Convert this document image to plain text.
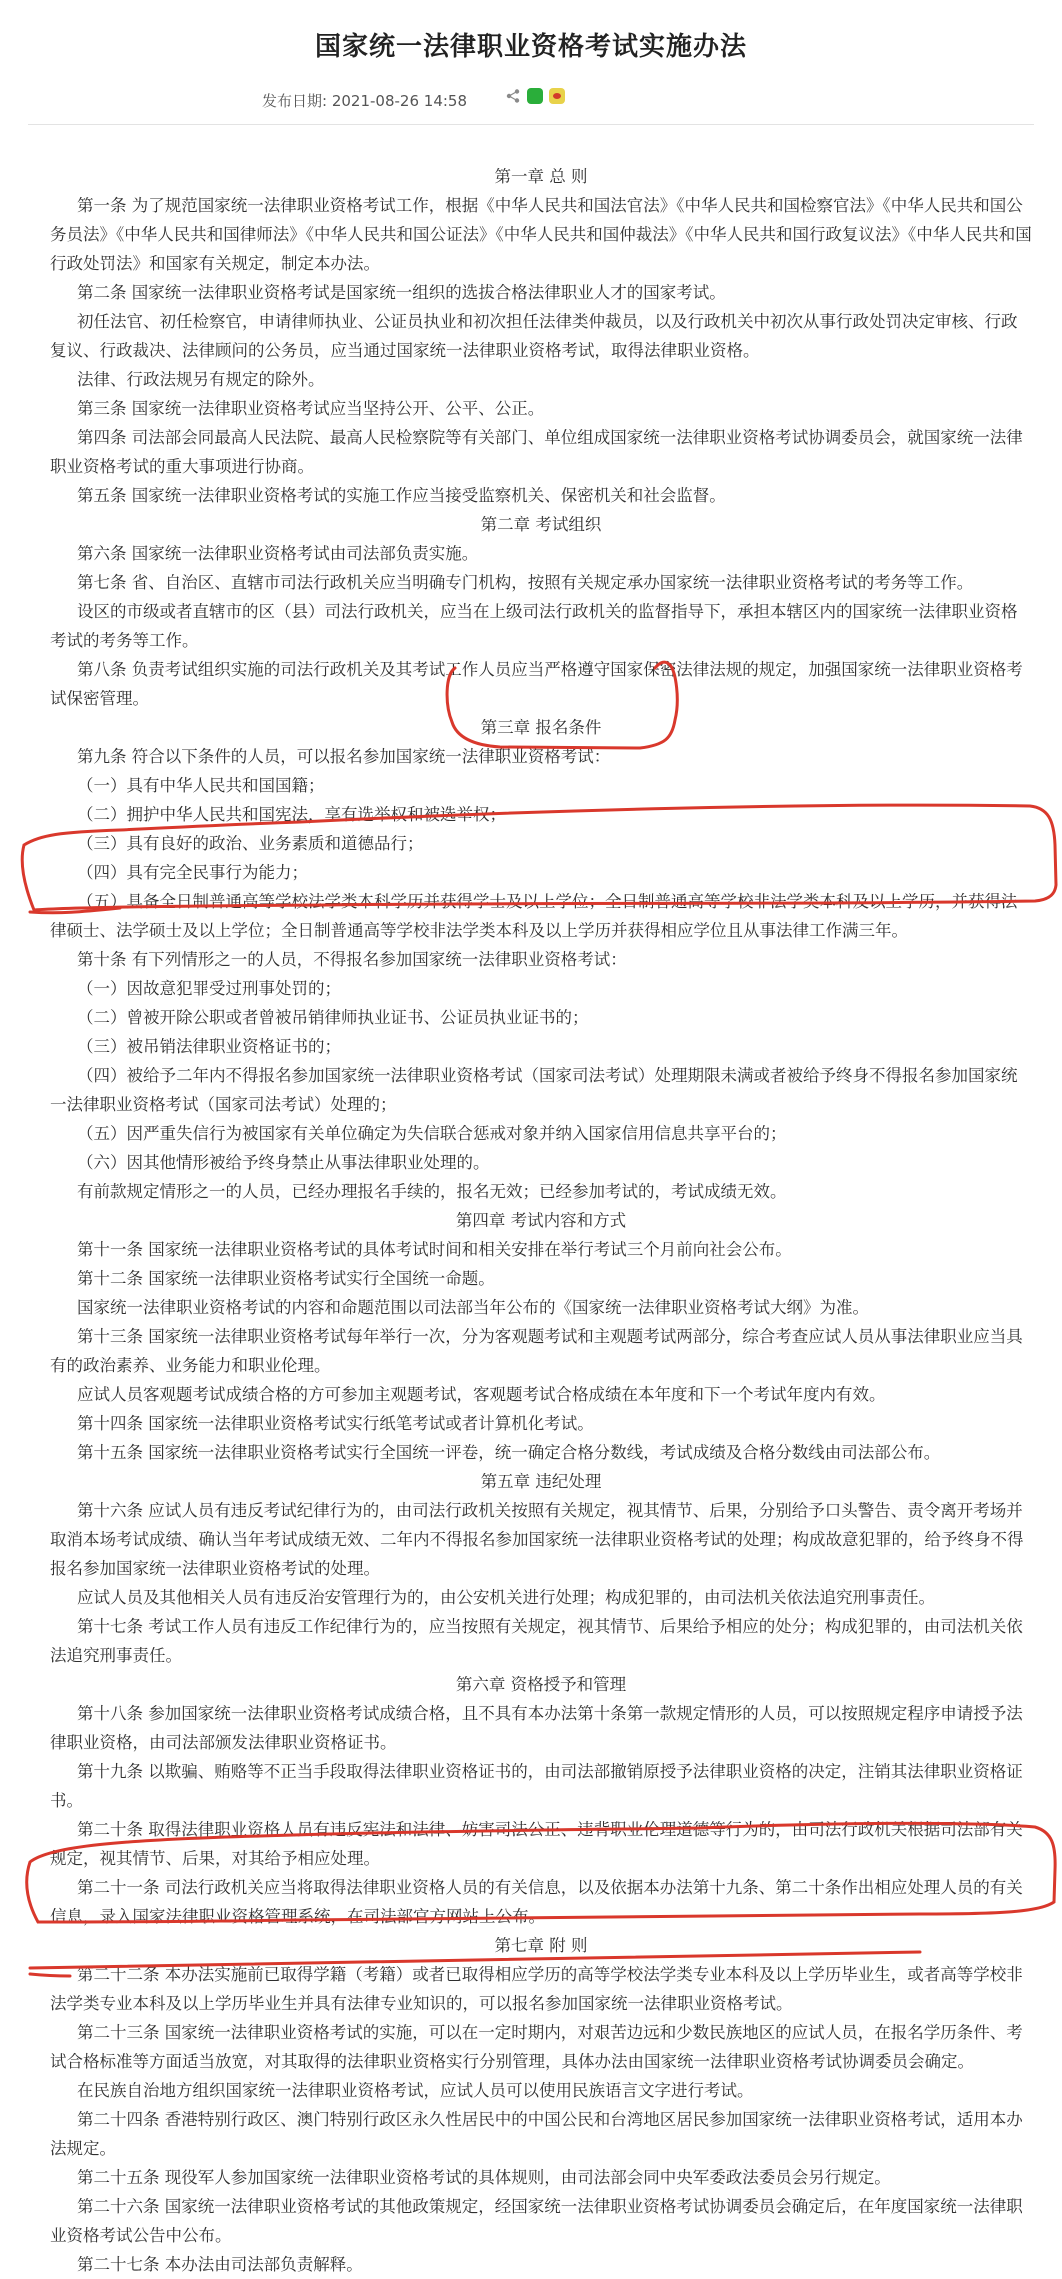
国家统一法律职业资格考试实施办法
发布日期: 2021-08-26 14:58

第一章 总 则

第一条 为了规范国家统一法律职业资格考试工作，根据《中华人民共和国法官法》《中华人民共和国检察官法》《中华人民共和国公务员法》《中华人民共和国律师法》《中华人民共和国公证法》《中华人民共和国仲裁法》《中华人民共和国行政复议法》《中华人民共和国行政处罚法》和国家有关规定，制定本办法。

第二条 国家统一法律职业资格考试是国家统一组织的选拔合格法律职业人才的国家考试。

初任法官、初任检察官，申请律师执业、公证员执业和初次担任法律类仲裁员，以及行政机关中初次从事行政处罚决定审核、行政复议、行政裁决、法律顾问的公务员，应当通过国家统一法律职业资格考试，取得法律职业资格。

法律、行政法规另有规定的除外。

第三条 国家统一法律职业资格考试应当坚持公开、公平、公正。

第四条 司法部会同最高人民法院、最高人民检察院等有关部门、单位组成国家统一法律职业资格考试协调委员会，就国家统一法律职业资格考试的重大事项进行协商。

第五条 国家统一法律职业资格考试的实施工作应当接受监察机关、保密机关和社会监督。

第二章 考试组织

第六条 国家统一法律职业资格考试由司法部负责实施。

第七条 省、自治区、直辖市司法行政机关应当明确专门机构，按照有关规定承办国家统一法律职业资格考试的考务等工作。

设区的市级或者直辖市的区（县）司法行政机关，应当在上级司法行政机关的监督指导下，承担本辖区内的国家统一法律职业资格考试的考务等工作。

第八条 负责考试组织实施的司法行政机关及其考试工作人员应当严格遵守国家保密法律法规的规定，加强国家统一法律职业资格考试保密管理。

第三章 报名条件

第九条 符合以下条件的人员，可以报名参加国家统一法律职业资格考试：

（一）具有中华人民共和国国籍；

（二）拥护中华人民共和国宪法，享有选举权和被选举权；

（三）具有良好的政治、业务素质和道德品行；

（四）具有完全民事行为能力；

（五）具备全日制普通高等学校法学类本科学历并获得学士及以上学位；全日制普通高等学校非法学类本科及以上学历，并获得法律硕士、法学硕士及以上学位；全日制普通高等学校非法学类本科及以上学历并获得相应学位且从事法律工作满三年。

第十条 有下列情形之一的人员，不得报名参加国家统一法律职业资格考试：

（一）因故意犯罪受过刑事处罚的；

（二）曾被开除公职或者曾被吊销律师执业证书、公证员执业证书的；

（三）被吊销法律职业资格证书的；

（四）被给予二年内不得报名参加国家统一法律职业资格考试（国家司法考试）处理期限未满或者被给予终身不得报名参加国家统一法律职业资格考试（国家司法考试）处理的；

（五）因严重失信行为被国家有关单位确定为失信联合惩戒对象并纳入国家信用信息共享平台的；

（六）因其他情形被给予终身禁止从事法律职业处理的。

有前款规定情形之一的人员，已经办理报名手续的，报名无效；已经参加考试的，考试成绩无效。

第四章 考试内容和方式

第十一条 国家统一法律职业资格考试的具体考试时间和相关安排在举行考试三个月前向社会公布。

第十二条 国家统一法律职业资格考试实行全国统一命题。

国家统一法律职业资格考试的内容和命题范围以司法部当年公布的《国家统一法律职业资格考试大纲》为准。

第十三条 国家统一法律职业资格考试每年举行一次，分为客观题考试和主观题考试两部分，综合考查应试人员从事法律职业应当具有的政治素养、业务能力和职业伦理。

应试人员客观题考试成绩合格的方可参加主观题考试，客观题考试合格成绩在本年度和下一个考试年度内有效。

第十四条 国家统一法律职业资格考试实行纸笔考试或者计算机化考试。

第十五条 国家统一法律职业资格考试实行全国统一评卷，统一确定合格分数线，考试成绩及合格分数线由司法部公布。

第五章 违纪处理

第十六条 应试人员有违反考试纪律行为的，由司法行政机关按照有关规定，视其情节、后果，分别给予口头警告、责令离开考场并取消本场考试成绩、确认当年考试成绩无效、二年内不得报名参加国家统一法律职业资格考试的处理；构成故意犯罪的，给予终身不得报名参加国家统一法律职业资格考试的处理。

应试人员及其他相关人员有违反治安管理行为的，由公安机关进行处理；构成犯罪的，由司法机关依法追究刑事责任。

第十七条 考试工作人员有违反工作纪律行为的，应当按照有关规定，视其情节、后果给予相应的处分；构成犯罪的，由司法机关依法追究刑事责任。

第六章 资格授予和管理

第十八条 参加国家统一法律职业资格考试成绩合格，且不具有本办法第十条第一款规定情形的人员，可以按照规定程序申请授予法律职业资格，由司法部颁发法律职业资格证书。

第十九条 以欺骗、贿赂等不正当手段取得法律职业资格证书的，由司法部撤销原授予法律职业资格的决定，注销其法律职业资格证书。

第二十条 取得法律职业资格人员有违反宪法和法律、妨害司法公正、违背职业伦理道德等行为的，由司法行政机关根据司法部有关规定，视其情节、后果，对其给予相应处理。

第二十一条 司法行政机关应当将取得法律职业资格人员的有关信息，以及依据本办法第十九条、第二十条作出相应处理人员的有关信息，录入国家法律职业资格管理系统，在司法部官方网站上公布。

第七章 附 则

第二十二条 本办法实施前已取得学籍（考籍）或者已取得相应学历的高等学校法学类专业本科及以上学历毕业生，或者高等学校非法学类专业本科及以上学历毕业生并具有法律专业知识的，可以报名参加国家统一法律职业资格考试。

第二十三条 国家统一法律职业资格考试的实施，可以在一定时期内，对艰苦边远和少数民族地区的应试人员，在报名学历条件、考试合格标准等方面适当放宽，对其取得的法律职业资格实行分别管理，具体办法由国家统一法律职业资格考试协调委员会确定。

在民族自治地方组织国家统一法律职业资格考试，应试人员可以使用民族语言文字进行考试。

第二十四条 香港特别行政区、澳门特别行政区永久性居民中的中国公民和台湾地区居民参加国家统一法律职业资格考试，适用本办法规定。

第二十五条 现役军人参加国家统一法律职业资格考试的具体规则，由司法部会同中央军委政法委员会另行规定。

第二十六条 国家统一法律职业资格考试的其他政策规定，经国家统一法律职业资格考试协调委员会确定后，在年度国家统一法律职业资格考试公告中公布。

第二十七条 本办法由司法部负责解释。
